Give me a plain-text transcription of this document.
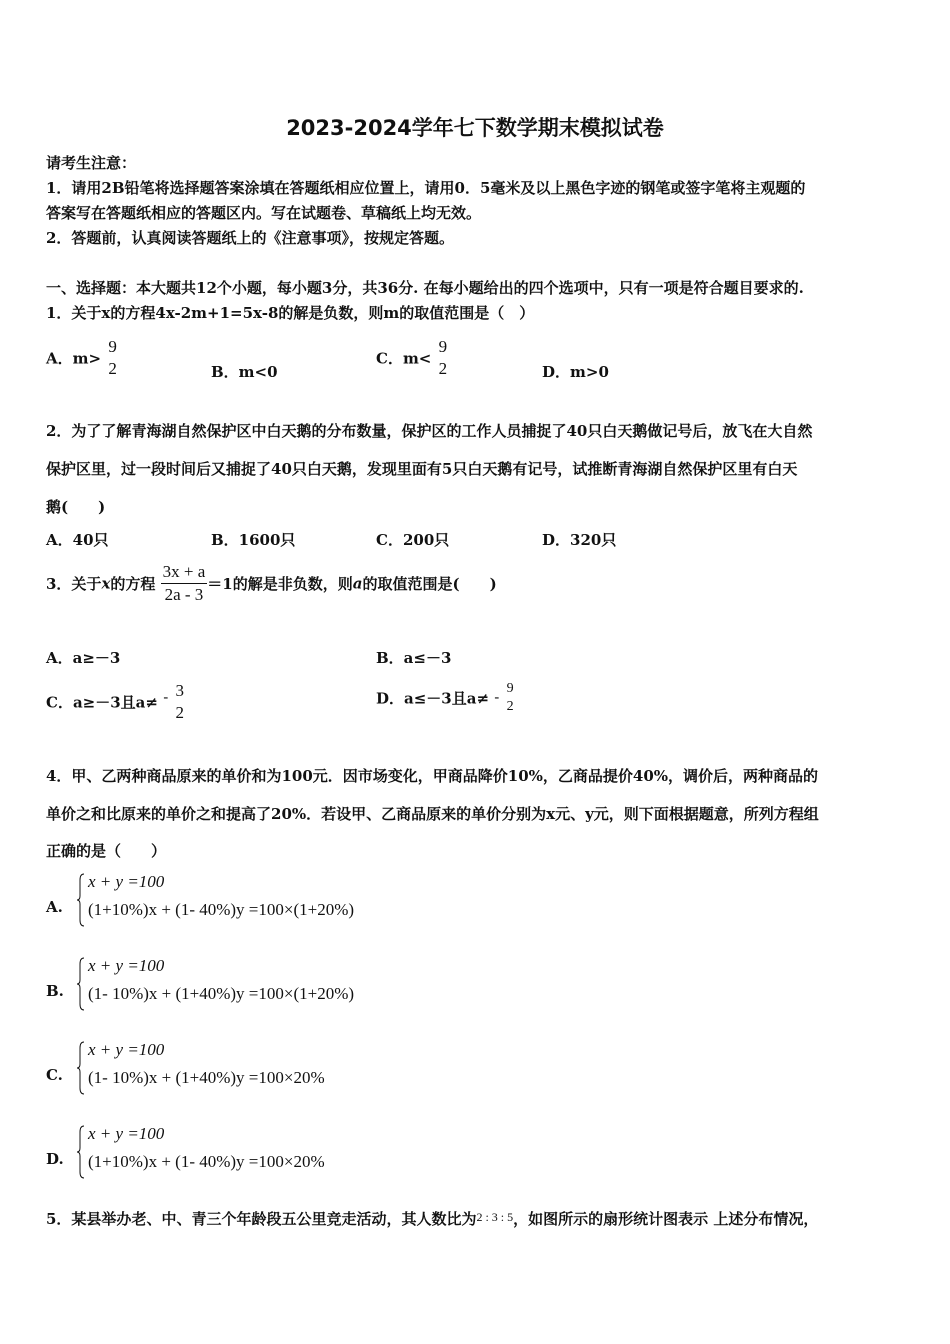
2023-2024学年七下数学期末模拟试卷
请考生注意：
1．请用2B铅笔将选择题答案涂填在答题纸相应位置上，请用0．5毫米及以上黑色字迹的钢笔或签字笔将主观题的
答案写在答题纸相应的答题区内。写在试题卷、草稿纸上均无效。
2．答题前，认真阅读答题纸上的《注意事项》，按规定答题。
一、选择题：本大题共12个小题，每小题3分，共36分. 在每小题给出的四个选项中，只有一项是符合题目要求的.
1．关于x的方程4x-2m+1=5x-8的解是负数，则m的取值范围是（　）
A．m>
9
2	B．m<0
C．m<
9
2	D．m>0
2．为了了解青海湖自然保护区中白天鹅的分布数量，保护区的工作人员捕捉了40只白天鹅做记号后，放飞在大自然
保护区里，过一段时间后又捕捉了40只白天鹅，发现里面有5只白天鹅有记号，试推断青海湖自然保护区里有白天
鹅(　　)
A．40只	B．1600只	C．200只	D．320只
3．关于x的方程 $\frac{3x + a}{2a - 3} =1$的解是非负数，则a的取值范围是(　　)
A．a≥－3	B．a≤－3
C．a≥－3且a≠ - 3
2
D．a≤－3且a≠ - 9
2
4．甲、乙两种商品原来的单价和为100元．因市场变化，甲商品降价10%，乙商品提价40%，调价后，两种商品的
单价之和比原来的单价之和提高了20%．若设甲、乙商品原来的单价分别为x元、y元，则下面根据题意，所列方程组
正确的是（　　）
A.
x + y =100
(1+10%)x + (1- 40%)y =100×(1+20%)
B.
x + y =100
(1- 10%)x + (1+40%)y =100×(1+20%)
C.
x + y =100
(1- 10%)x + (1+40%)y =100×20%
D.
x + y =100
(1+10%)x + (1- 40%)y =100×20%
5．某县举办老、中、青三个年龄段五公里竞走活动，其人数比为$^{2 : 3 : 5}$，如图所示的扇形统计图表示 上述分布情况，
